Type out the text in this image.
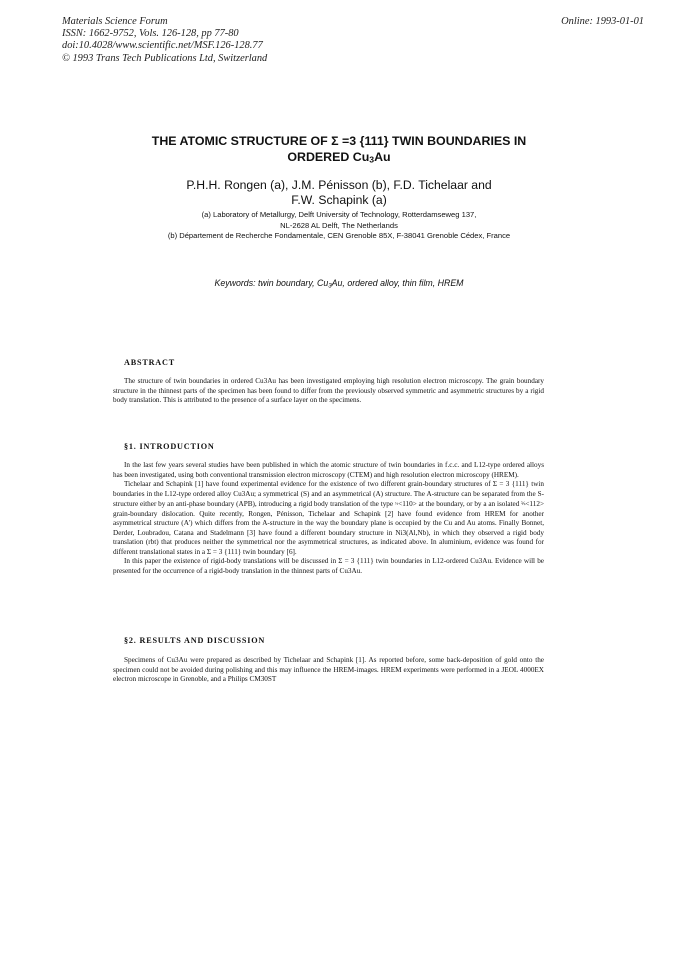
Materials Science Forum
ISSN: 1662-9752, Vols. 126-128, pp 77-80
doi:10.4028/www.scientific.net/MSF.126-128.77
© 1993 Trans Tech Publications Ltd, Switzerland
Online: 1993-01-01
THE ATOMIC STRUCTURE OF Σ =3 {111} TWIN BOUNDARIES IN
ORDERED $Cu_3Au$
P.H.H. Rongen (a), J.M. Pénisson (b), F.D. Tichelaar and
F.W. Schapink (a)
(a) Laboratory of Metallurgy, Delft University of Technology, Rotterdamseweg 137,
NL-2628 AL Delft, The Netherlands
(b) Département de Recherche Fondamentale, CEN Grenoble 85X, F-38041 Grenoble Cédex, France
Keywords: twin boundary, $Cu_3Au$, ordered alloy, thin film, HREM
ABSTRACT

The structure of twin boundaries in ordered Cu3Au has been investigated employing high resolution electron microscopy. The grain boundary structure in the thinnest parts of the specimen has been found to differ from the previously observed symmetric and asymmetric structures by a rigid body translation. This is attributed to the presence of a surface layer on the specimens.

§1. INTRODUCTION

In the last few years several studies have been published in which the atomic structure of twin boundaries in f.c.c. and L12-type ordered alloys has been investigated, using both conventional transmission electron microscopy (CTEM) and high resolution electron microscopy (HREM).

Tichelaar and Schapink [1] have found experimental evidence for the existence of two different grain-boundary structures of Σ = 3 {111} twin boundaries in the L12-type ordered alloy Cu3Au; a symmetrical (S) and an asymmetrical (A) structure. The A-structure can be separated from the S-structure either by an anti-phase boundary (APB), introducing a rigid body translation of the type ½<110> at the boundary, or by a an isolated ⅙<112> grain-boundary dislocation. Quite recently, Rongen, Pénisson, Tichelaar and Schapink [2] have found evidence from HREM for another asymmetrical structure (A') which differs from the A-structure in the way the boundary plane is occupied by the Cu and Au atoms. Finally Bonnet, Derder, Loubradou, Catana and Stadelmann [3] have found a different boundary structure in Ni3(Al,Nb), in which they observed a rigid body translation (rbt) that produces neither the symmetrical nor the asymmetrical structures, as indicated above. In aluminium, evidence was found for different translational states in a Σ = 3 {111} twin boundary [6].

In this paper the existence of rigid-body translations will be discussed in Σ = 3 {111} twin boundaries in L12-ordered Cu3Au. Evidence will be presented for the occurrence of a rigid-body translation in the thinnest parts of Cu3Au.

§2. RESULTS AND DISCUSSION

Specimens of Cu3Au were prepared as described by Tichelaar and Schapink [1]. As reported before, some back-deposition of gold onto the specimen could not be avoided during polishing and this may influence the HREM-images. HREM experiments were performed in a JEOL 4000EX electron microscope in Grenoble, and a Philips CM30ST
